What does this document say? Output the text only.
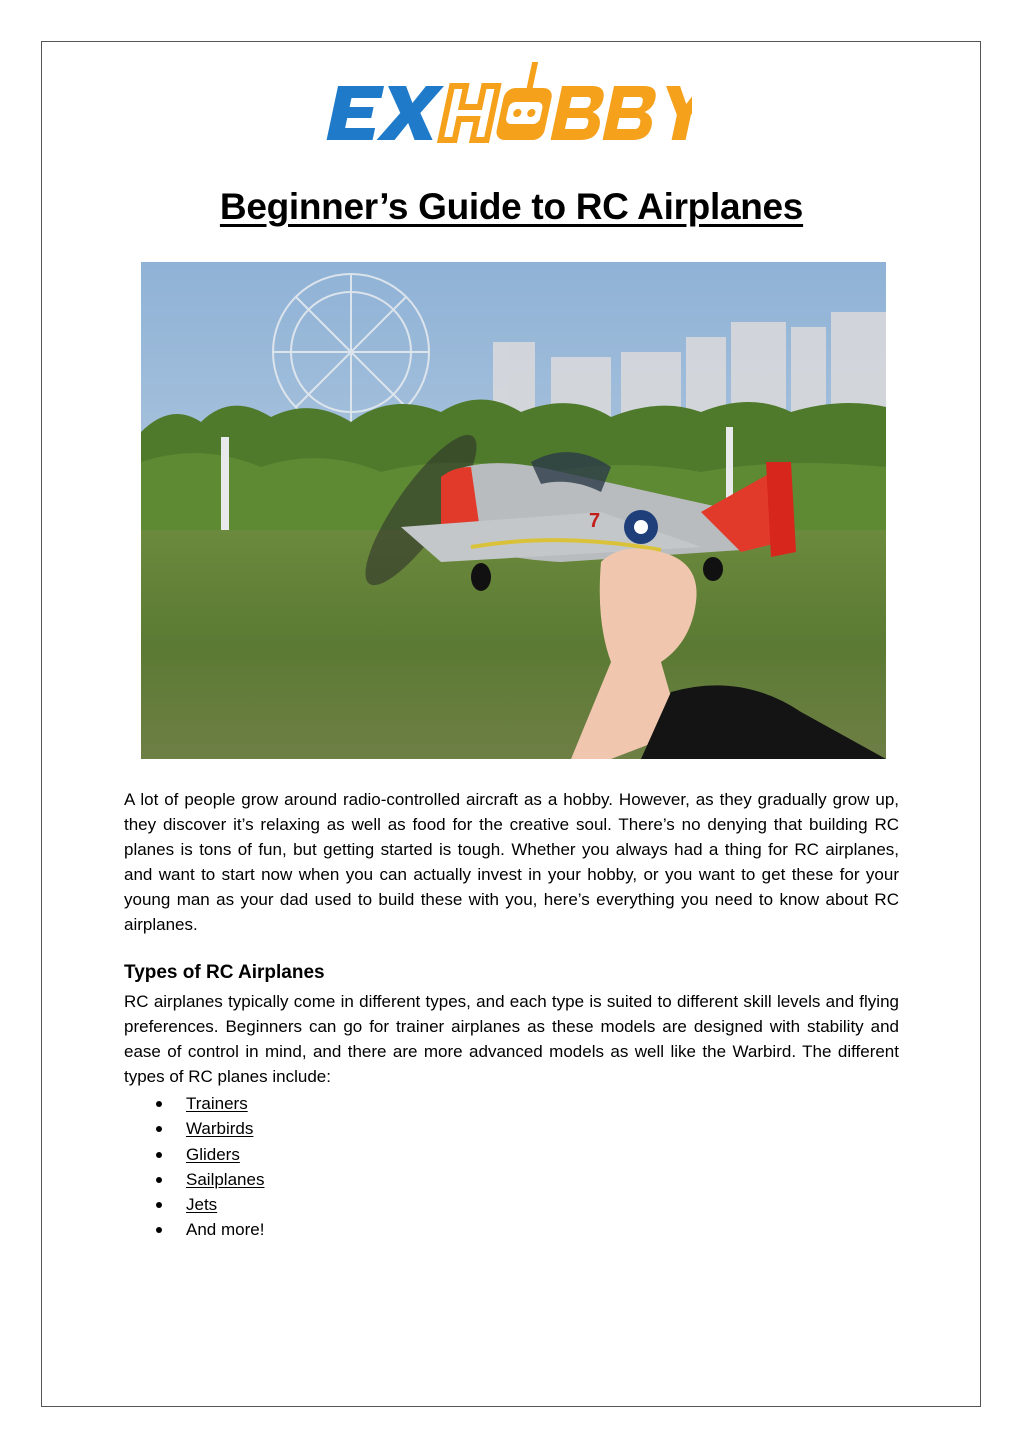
Beginner’s Guide to RC Airplanes
7
A lot of people grow around radio-controlled aircraft as a hobby. However, as they gradually grow up, they discover it’s relaxing as well as food for the creative soul. There’s no denying that building RC planes is tons of fun, but getting started is tough. Whether you always had a thing for RC airplanes, and want to start now when you can actually invest in your hobby, or you want to get these for your young man as your dad used to build these with you, here’s everything you need to know about RC airplanes.
Types of RC Airplanes
RC airplanes typically come in different types, and each type is suited to different skill levels and flying preferences. Beginners can go for trainer airplanes as these models are designed with stability and ease of control in mind, and there are more advanced models as well like the Warbird. The different types of RC planes include:
Trainers
Warbirds
Gliders
Sailplanes
Jets
And more!
